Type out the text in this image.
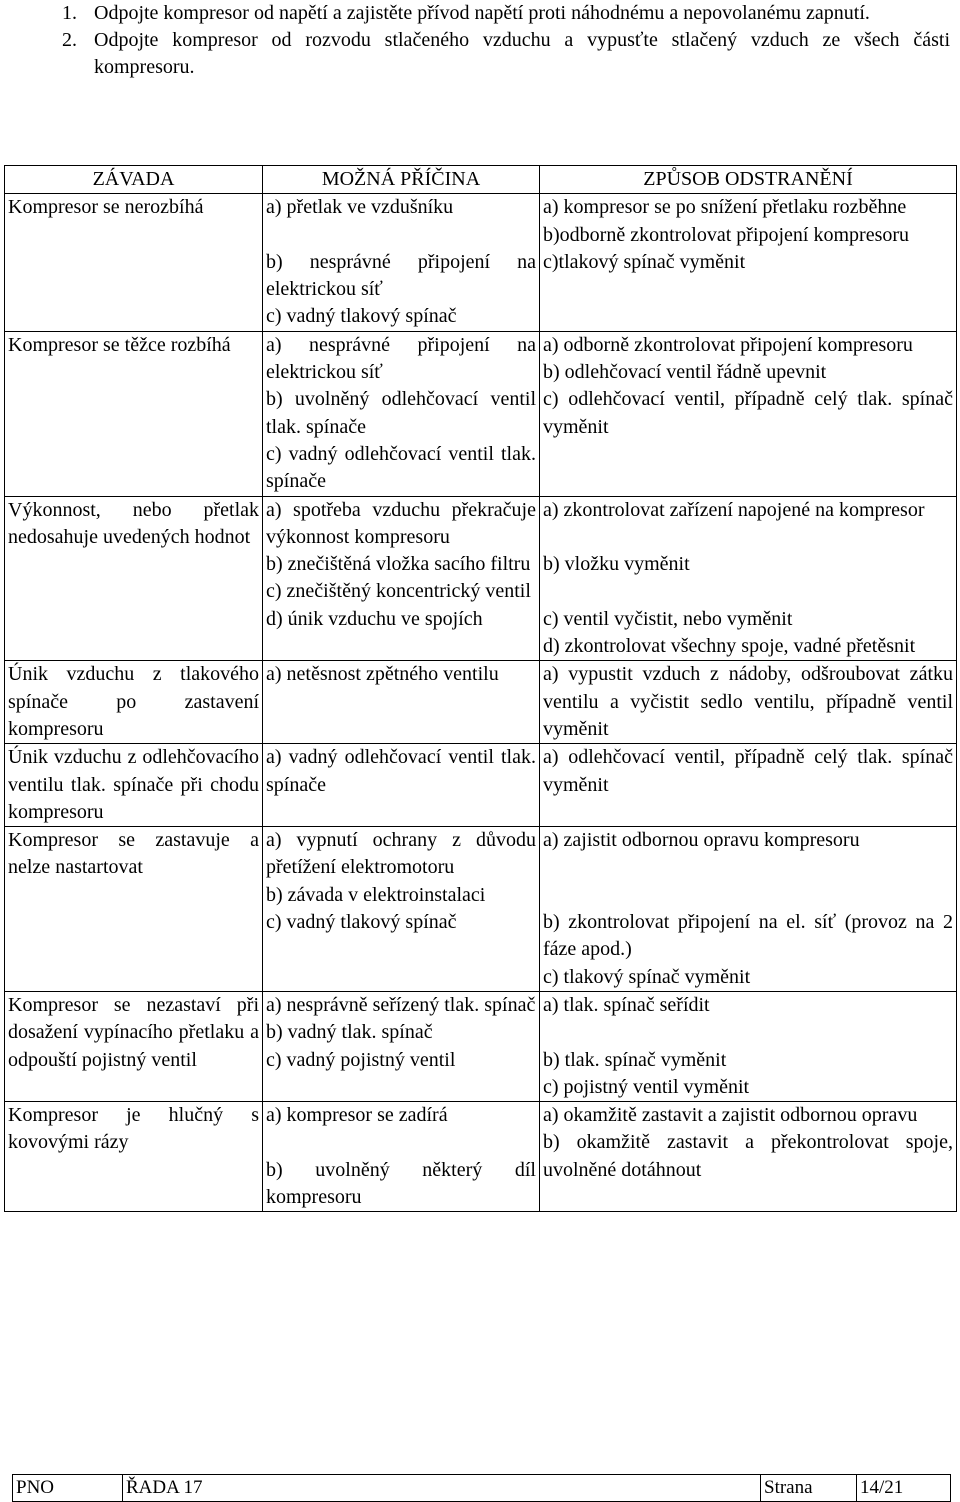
1. Odpojte kompresor od napětí a zajistěte přívod napětí proti náhodnému a nepovolanému zapnutí.
2. Odpojte kompresor od rozvodu stlačeného vzduchu a vypusťte stlačený vzduch ze všech části kompresoru.
ZÁVADA	MOŽNÁ PŘÍČINA	ZPŮSOB ODSTRANĚNÍ
Kompresor se nerozbíhá	a) přetlak ve vzdušníku
b) nesprávné připojení na elektrickou síť
c) vadný tlakový spínač	a) kompresor se po snížení přetlaku rozběhne
b)odborně zkontrolovat připojení kompresoru
c)tlakový spínač vyměnit

Kompresor se těžce rozbíhá	a) nesprávné připojení na elektrickou síť
b) uvolněný odlehčovací ventil tlak. spínače
c) vadný odlehčovací ventil tlak. spínače	a) odborně zkontrolovat připojení kompresoru
b) odlehčovací ventil řádně upevnit
c) odlehčovací ventil, případně celý tlak. spínač vyměnit

Výkonnost, nebo přetlak nedosahuje uvedených hodnot	a) spotřeba vzduchu překračuje výkonnost kompresoru
b) znečištěná vložka sacího filtru
c) znečištěný koncentrický ventil
d) únik vzduchu ve spojích	a) zkontrolovat zařízení napojené na kompresor
b) vložku vyměnit
c) ventil vyčistit, nebo vyměnit
d) zkontrolovat všechny spoje, vadné přetěsnit

Únik vzduchu z tlakového spínače po zastavení kompresoru	a) netěsnost zpětného ventilu	a) vypustit vzduch z nádoby, odšroubovat zátku ventilu a vyčistit sedlo ventilu, případně ventil vyměnit

Únik vzduchu z odlehčovacího ventilu tlak. spínače při chodu kompresoru	a) vadný odlehčovací ventil tlak. spínače	a) odlehčovací ventil, případně celý tlak. spínač vyměnit

Kompresor se zastavuje a nelze nastartovat	a) vypnutí ochrany z důvodu přetížení elektromotoru
b) závada v elektroinstalaci
c) vadný tlakový spínač	a) zajistit odbornou opravu kompresoru
b) zkontrolovat připojení na el. síť (provoz na 2 fáze apod.)
c) tlakový spínač vyměnit

Kompresor se nezastaví při dosažení vypínacího přetlaku a odpouští pojistný ventil	a) nesprávně seřízený tlak. spínač
b) vadný tlak. spínač
c) vadný pojistný ventil	a) tlak. spínač seřídit
b) tlak. spínač vyměnit
c) pojistný ventil vyměnit

Kompresor je hlučný s kovovými rázy	a) kompresor se zadírá
b) uvolněný některý díl kompresoru	a) okamžitě zastavit a zajistit odbornou opravu
b) okamžitě zastavit a překontrolovat spoje, uvolněné dotáhnout
PNO	ŘADA 17	Strana	14/21
